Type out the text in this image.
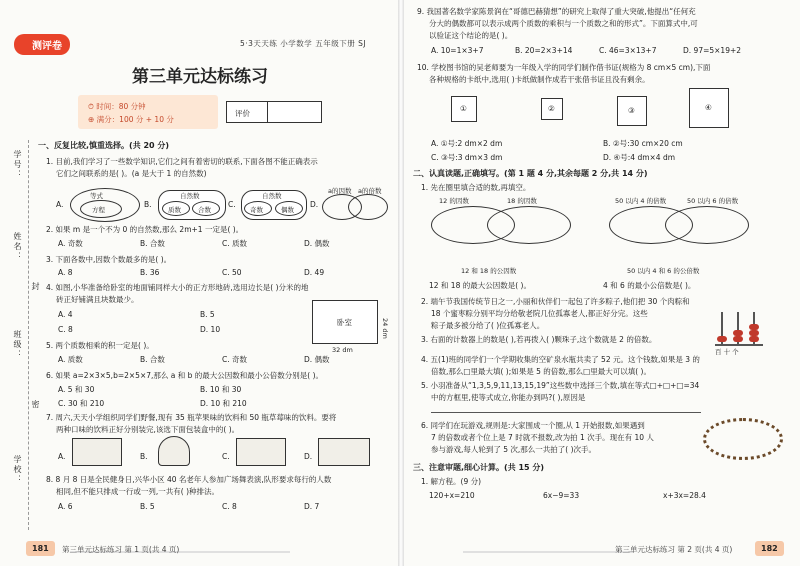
测评卷	5·3天天练 小学数学 五年级下册 SJ
第三单元达标练习
⏱ 时间：80 分钟
⊕ 满分：100 分 + 10 分
评价
学号：
姓名：
封
班级：
学校：
密
一、反复比较,慎重选择。(共 20 分)
1. 目前,我们学习了一些数学知识,它们之间有着密切的联系,下面各图不能正确表示
它们之间联系的是( )。(a 是大于 1 的自然数)
A.
等式
方程
B.
自然数
质数	合数
C.
自然数
奇数	偶数
D.
a的因数 a的倍数
2. 如果 m 是一个不为 0 的自然数,那么 2m+1 一定是( )。
A. 奇数	B. 合数	C. 质数	D. 偶数
3. 下面各数中,因数个数最多的是( )。
A. 8	B. 36	C. 50	D. 49
4. 如图,小华准备给卧室的地面铺同样大小的正方形地砖,选用边长是( )分米的地
砖正好铺满且块数最少。
A. 4	B. 5
C. 8	D. 10
卧室
32 dm
24 dm
5. 两个质数相乘的积一定是( )。
A. 质数	B. 合数	C. 奇数	D. 偶数
6. 如果 a=2×3×5,b=2×5×7,那么 a 和 b 的最大公因数和最小公倍数分别是( )。
A. 5 和 30	B. 10 和 30
C. 30 和 210	D. 10 和 210
7. 周六,天天小学组织同学们野餐,现有 35 瓶苹果味的饮料和 50 瓶草莓味的饮料。要将
两种口味的饮料正好分别装完,该选下面包装盒中的( )。
A.	B.	C.	D.
8. 8 月 8 日是全民健身日,兴华小区 40 名老年人参加广场舞表演,队形要求每行的人数
相同,但不能只排成一行或一列,一共有( )种排法。
A. 6	B. 5	C. 8	D. 7
181	第三单元达标练习 第 1 页(共 4 页)
9. 我国著名数学家陈景润在“哥德巴赫猜想”的研究上取得了重大突破,他提出“任何充
分大的偶数都可以表示成两个质数的乘积与一个质数之和的形式”。下面算式中,可
以验证这个结论的是( )。
A. 10=1×3+7	B. 20=2×3+14	C. 46=3×13+7	D. 97=5×19+2
10. 学校图书馆的吴老师要为一年级入学的同学们制作借书证(规格为 8 cm×5 cm),下面
各种规格的卡纸中,选用( )卡纸做制作成若干张借书证且没有剩余。
①	②	③	④
A. ①号:2 dm×2 dm	B. ②号:30 cm×20 cm
C. ③号:3 dm×3 dm	D. ④号:4 dm×4 dm
二、认真读题,正确填写。(第 1 题 4 分,其余每题 2 分,共 14 分)
1. 先在圈里填合适的数,再填空。
12 的因数	18 的因数
12 和 18 的公因数
12 和 18 的最大公因数是( )。
50 以内 4 的倍数	50 以内 6 的倍数
50 以内 4 和 6 的公倍数
4 和 6 的最小公倍数是( )。
2. 端午节我国传统节日之一,小丽和伙伴们一起包了许多粽子,他们把 30 个肉粽和
18 个蜜枣粽分别平均分给敬老院几位孤寡老人,都正好分完。这些
粽子最多被分给了( )位孤寡老人。
3. 右面的计数器上的数是( ),若再拨入( )颗珠子,这个数就是 2 的倍数。
百 十 个
4. 五(1)班的同学们一个学期收集的空矿泉水瓶共卖了 52 元。这个钱数,如果是 3 的
倍数,那么□里最大填( );如果是 5 的倍数,那么□里最大可以填( )。
5. 小羽准备从“1,3,5,9,11,13,15,19”这些数中选择三个数,填在等式□+□+□=34
中的方框里,使等式成立,你能办到吗?( ),原因是
6. 同学们在玩游戏,规则是:大家围成一个圈,从 1 开始报数,如果遇到
7 的倍数或者个位上是 7 时就不报数,改为拍 1 次手。现在有 10 人
参与游戏,每人轮到了 5 次,那么一共拍了( )次手。
三、注意审题,细心计算。(共 15 分)
1. 解方程。(9 分)
120+x=210	6x−9=33	x+3x=28.4
第三单元达标练习 第 2 页(共 4 页)	182
